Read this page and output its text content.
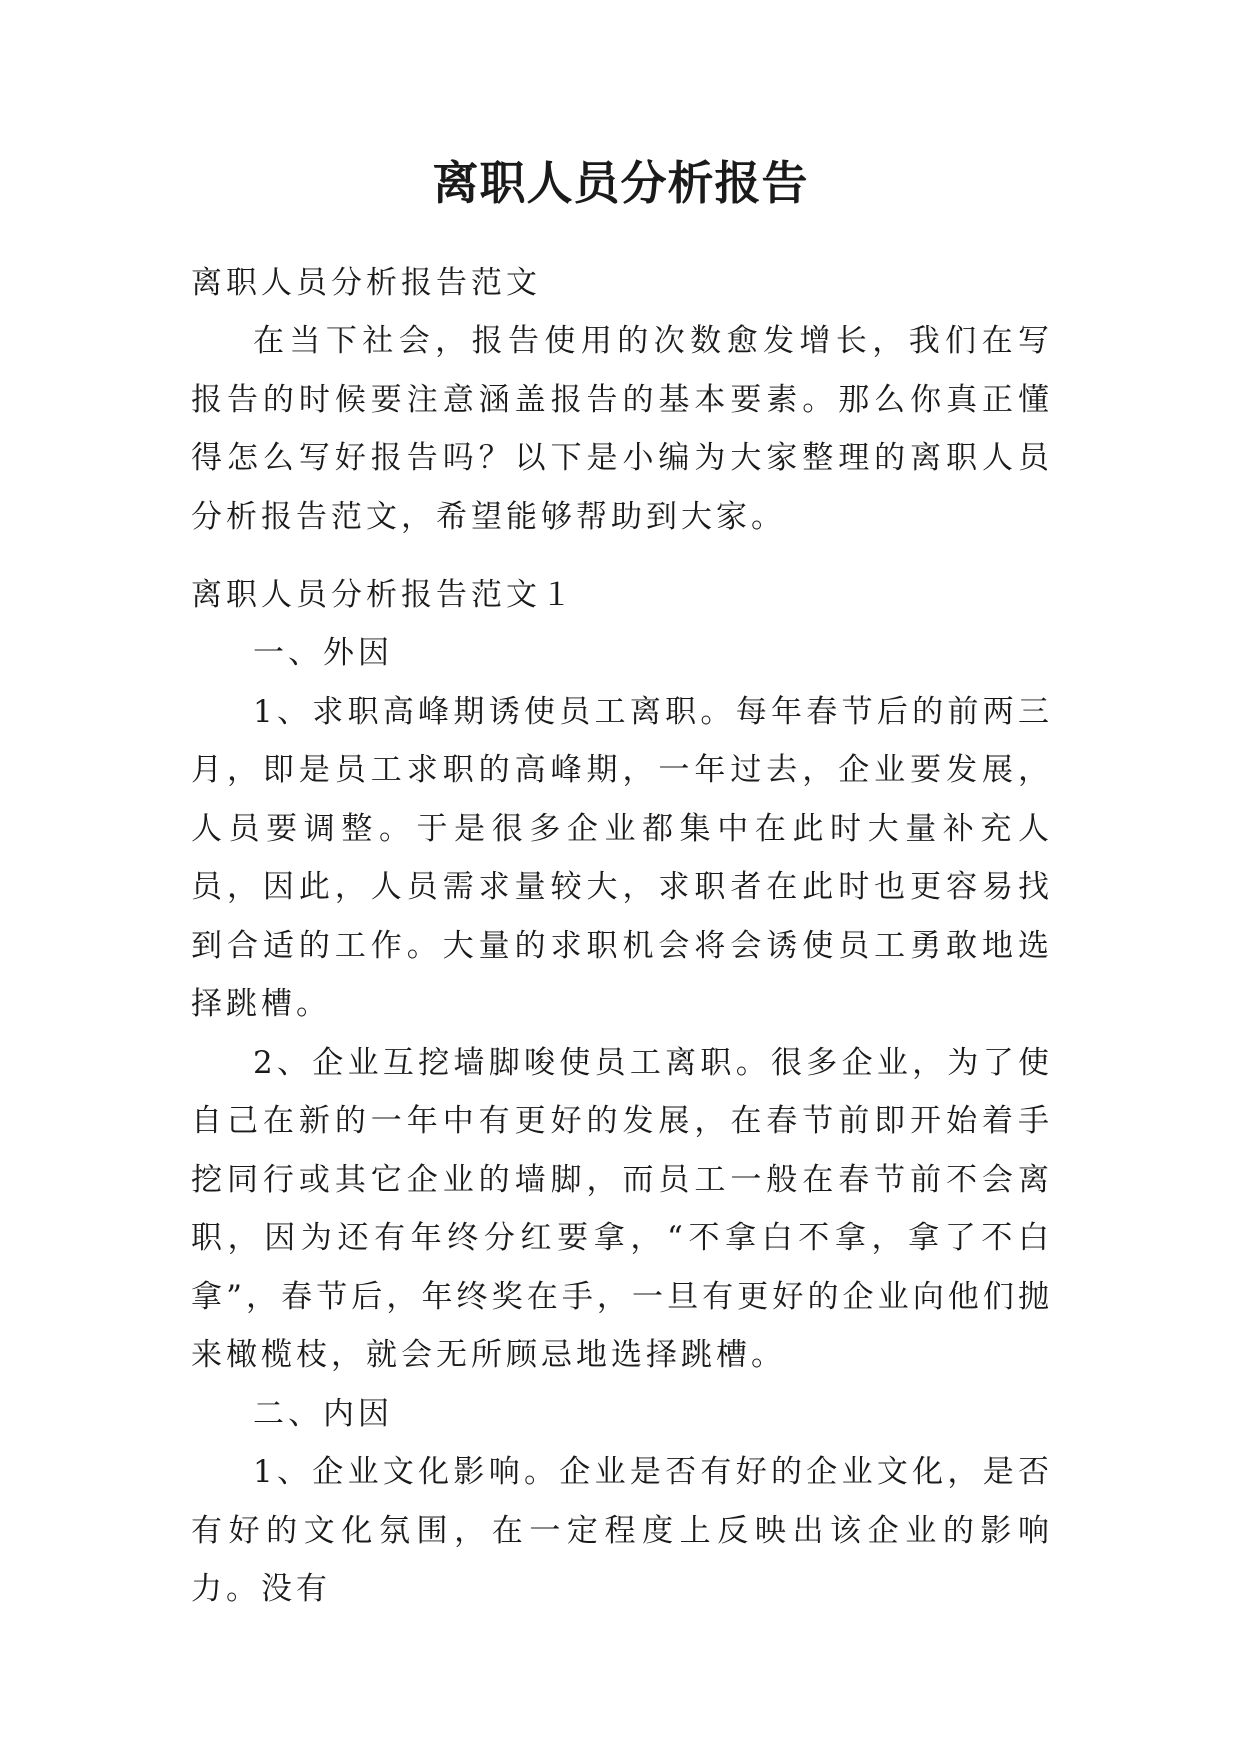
离职人员分析报告

离职人员分析报告范文

在当下社会，报告使用的次数愈发增长，我们在写报告的时候要注意涵盖报告的基本要素。那么你真正懂得怎么写好报告吗？以下是小编为大家整理的离职人员分析报告范文，希望能够帮助到大家。

离职人员分析报告范文１

一、外因

1、求职高峰期诱使员工离职。每年春节后的前两三月，即是员工求职的高峰期，一年过去，企业要发展，人员要调整。于是很多企业都集中在此时大量补充人员，因此，人员需求量较大，求职者在此时也更容易找到合适的工作。大量的求职机会将会诱使员工勇敢地选择跳槽。

2、企业互挖墙脚唆使员工离职。很多企业，为了使自己在新的一年中有更好的发展，在春节前即开始着手挖同行或其它企业的墙脚，而员工一般在春节前不会离职，因为还有年终分红要拿，“不拿白不拿，拿了不白拿”，春节后，年终奖在手，一旦有更好的企业向他们抛来橄榄枝，就会无所顾忌地选择跳槽。

二、内因

1、企业文化影响。企业是否有好的企业文化，是否有好的文化氛围，在一定程度上反映出该企业的影响力。没有
